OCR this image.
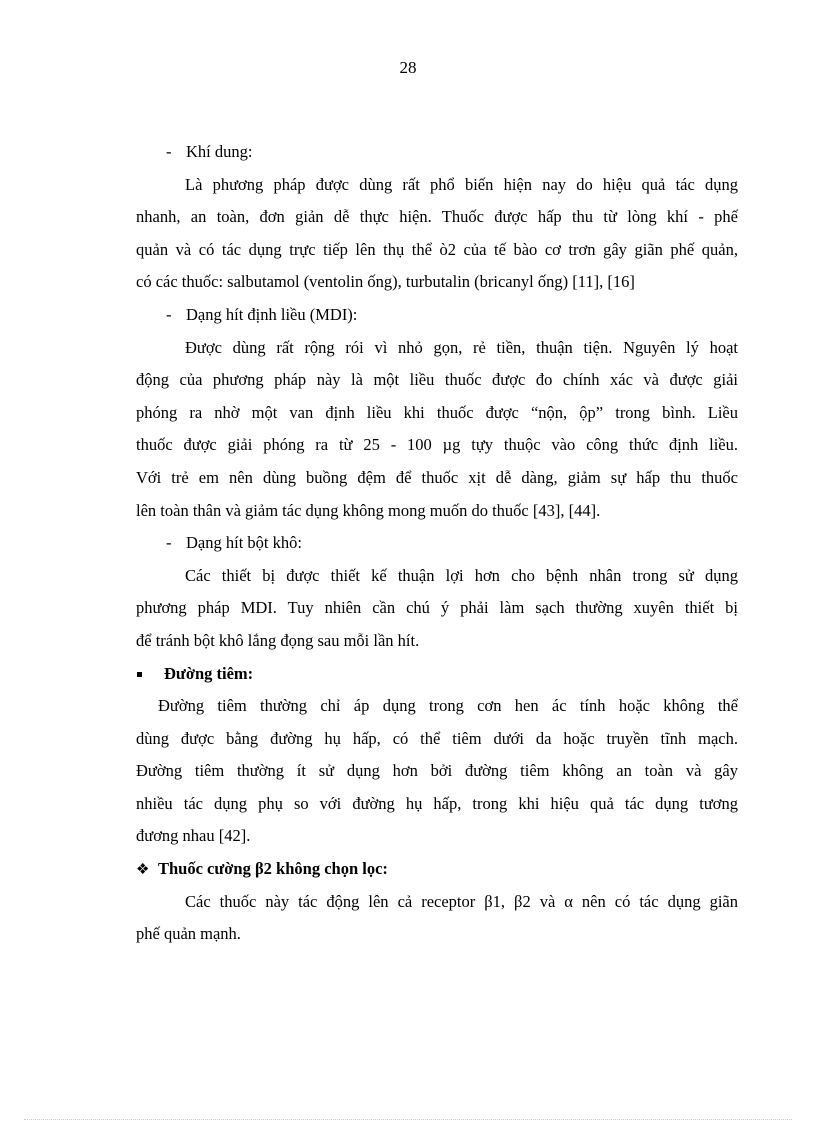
28
- Khí dung:
Là phương pháp được dùng rất phổ biến hiện nay do hiệu quả tác dụng
nhanh, an toàn, đơn giản dễ thực hiện. Thuốc được hấp thu từ lòng khí - phế
quản và có tác dụng trực tiếp lên thụ thể ò2 của tế bào cơ trơn gây giãn phế quản,
có các thuốc: salbutamol (ventolin ống), turbutalin (bricanyl ống) [11], [16]
- Dạng hít định liều (MDI):
Được dùng rất rộng rói vì nhỏ gọn, rẻ tiền, thuận tiện. Nguyên lý hoạt
động của phương pháp này là một liều thuốc được đo chính xác và được giải
phóng ra nhờ một van định liều khi thuốc được “nộn, ộp” trong bình. Liều
thuốc được giải phóng ra từ 25 - 100 µg tựy thuộc vào công thức định liều.
Với trẻ em nên dùng buồng đệm để thuốc xịt dễ dàng, giảm sự hấp thu thuốc
lên toàn thân và giảm tác dụng không mong muốn do thuốc [43], [44].
- Dạng hít bột khô:
Các thiết bị được thiết kế thuận lợi hơn cho bệnh nhân trong sử dụng
phương pháp MDI. Tuy nhiên cần chú ý phải làm sạch thường xuyên thiết bị
để tránh bột khô lắng đọng sau mỗi lần hít.
Đường tiêm:
Đường tiêm thường chỉ áp dụng trong cơn hen ác tính hoặc không thể
dùng được bằng đường hụ hấp, có thể tiêm dưới da hoặc truyền tĩnh mạch.
Đường tiêm thường ít sử dụng hơn bởi đường tiêm không an toàn và gây
nhiều tác dụng phụ so với đường hụ hấp, trong khi hiệu quả tác dụng tương
đương nhau [42].
❖ Thuốc cường β2 không chọn lọc:
Các thuốc này tác động lên cả receptor β1, β2 và α nên có tác dụng giãn
phế quản mạnh.
